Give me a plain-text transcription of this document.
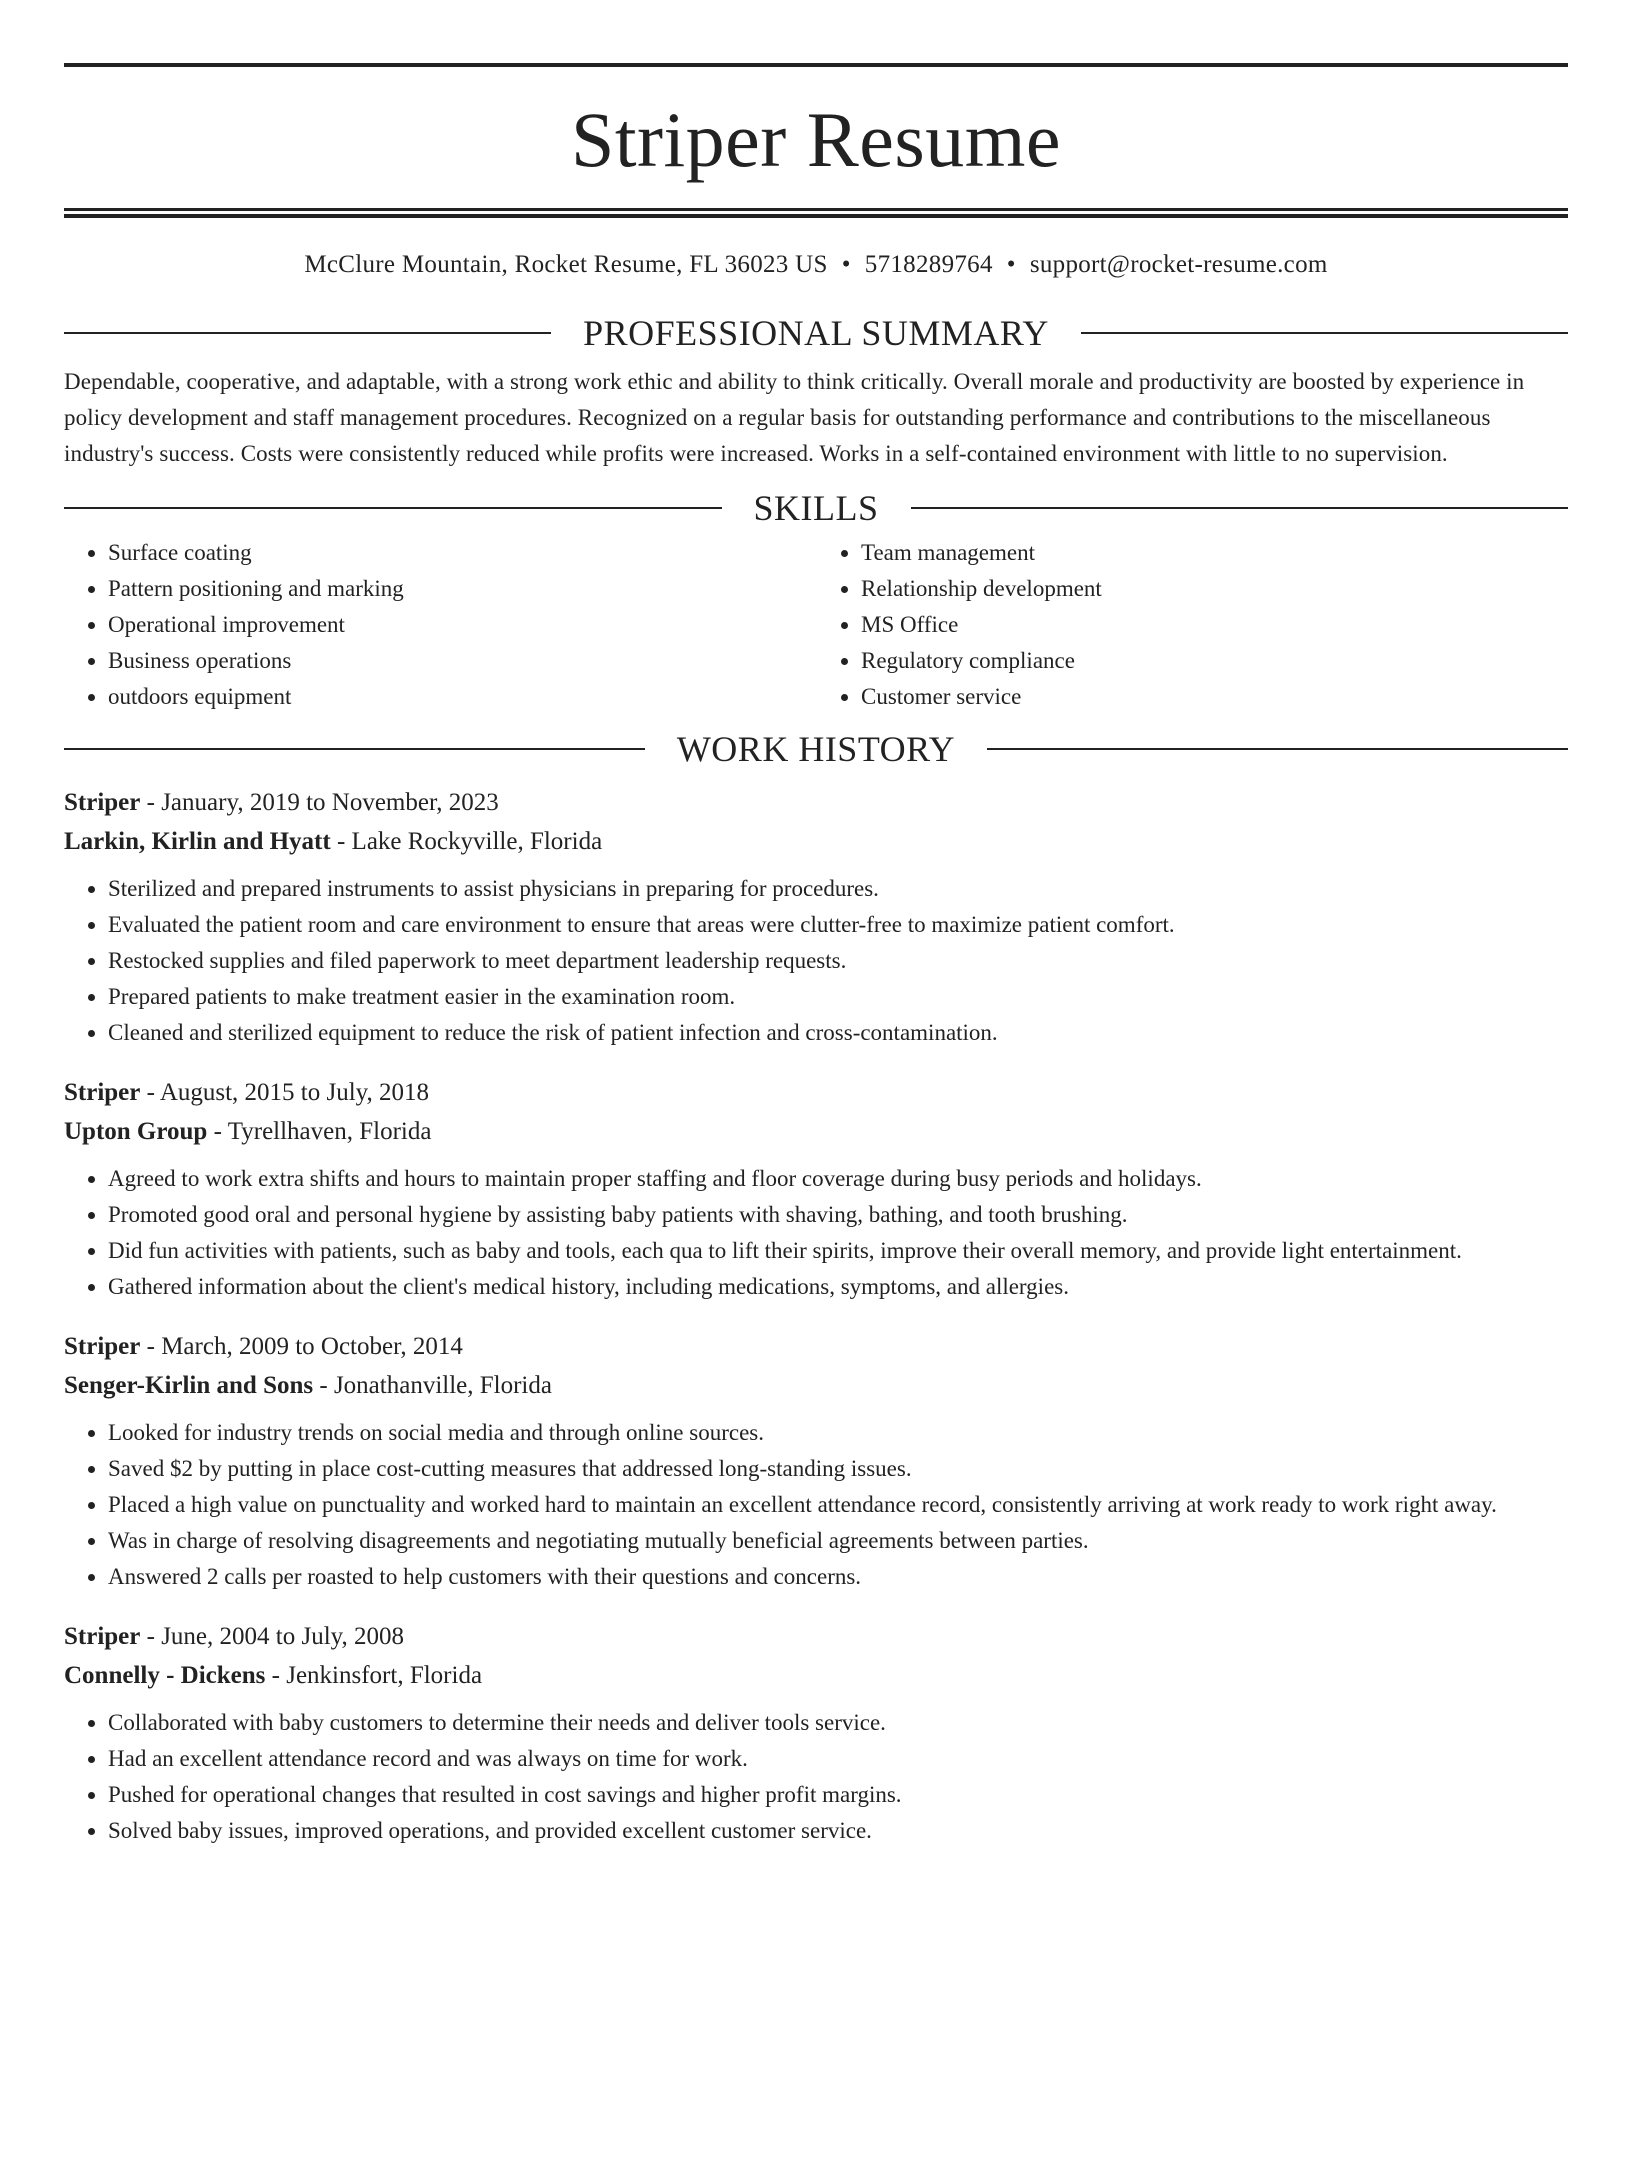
Striper Resume
McClure Mountain, Rocket Resume, FL 36023 US • 5718289764 • support@rocket-resume.com
PROFESSIONAL SUMMARY
Dependable, cooperative, and adaptable, with a strong work ethic and ability to think critically. Overall morale and productivity are boosted by experience in policy development and staff management procedures. Recognized on a regular basis for outstanding performance and contributions to the miscellaneous industry's success. Costs were consistently reduced while profits were increased. Works in a self-contained environment with little to no supervision.
SKILLS
• Surface coating
• Pattern positioning and marking
• Operational improvement
• Business operations
• outdoors equipment
• Team management
• Relationship development
• MS Office
• Regulatory compliance
• Customer service
WORK HISTORY
Striper - January, 2019 to November, 2023
Larkin, Kirlin and Hyatt - Lake Rockyville, Florida
• Sterilized and prepared instruments to assist physicians in preparing for procedures.
• Evaluated the patient room and care environment to ensure that areas were clutter-free to maximize patient comfort.
• Restocked supplies and filed paperwork to meet department leadership requests.
• Prepared patients to make treatment easier in the examination room.
• Cleaned and sterilized equipment to reduce the risk of patient infection and cross-contamination.
Striper - August, 2015 to July, 2018
Upton Group - Tyrellhaven, Florida
• Agreed to work extra shifts and hours to maintain proper staffing and floor coverage during busy periods and holidays.
• Promoted good oral and personal hygiene by assisting baby patients with shaving, bathing, and tooth brushing.
• Did fun activities with patients, such as baby and tools, each qua to lift their spirits, improve their overall memory, and provide light entertainment.
• Gathered information about the client's medical history, including medications, symptoms, and allergies.
Striper - March, 2009 to October, 2014
Senger-Kirlin and Sons - Jonathanville, Florida
• Looked for industry trends on social media and through online sources.
• Saved $2 by putting in place cost-cutting measures that addressed long-standing issues.
• Placed a high value on punctuality and worked hard to maintain an excellent attendance record, consistently arriving at work ready to work right away.
• Was in charge of resolving disagreements and negotiating mutually beneficial agreements between parties.
• Answered 2 calls per roasted to help customers with their questions and concerns.
Striper - June, 2004 to July, 2008
Connelly - Dickens - Jenkinsfort, Florida
• Collaborated with baby customers to determine their needs and deliver tools service.
• Had an excellent attendance record and was always on time for work.
• Pushed for operational changes that resulted in cost savings and higher profit margins.
• Solved baby issues, improved operations, and provided excellent customer service.
